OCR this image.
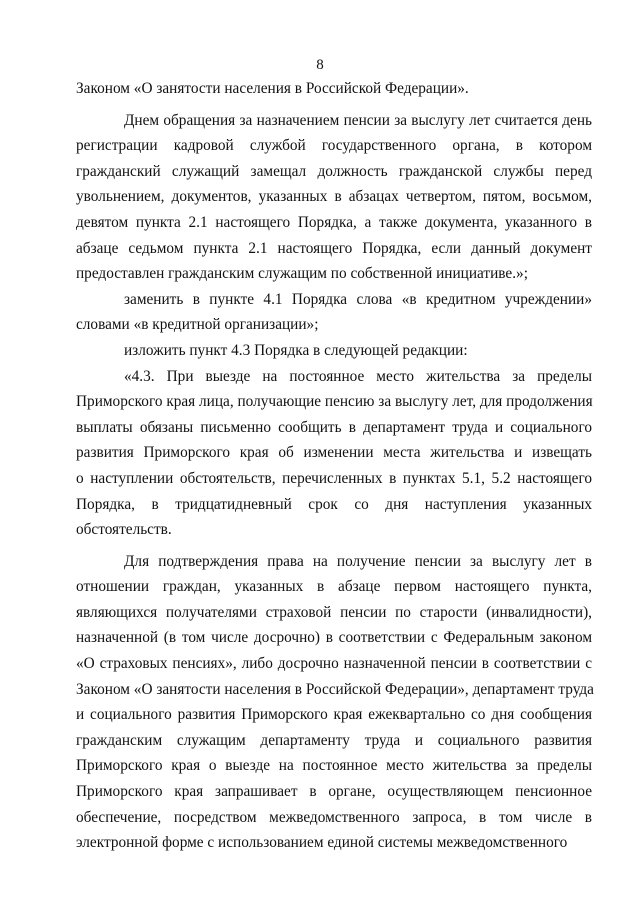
8
Законом «О занятости населения в Российской Федерации».
Днем обращения за назначением пенсии за выслугу лет считается день
регистрации кадровой службой государственного органа, в котором
гражданский служащий замещал должность гражданской службы перед
увольнением, документов, указанных в абзацах четвертом, пятом, восьмом,
девятом пункта 2.1 настоящего Порядка, а также документа, указанного в
абзаце седьмом пункта 2.1 настоящего Порядка, если данный документ
предоставлен гражданским служащим по собственной инициативе.»;
заменить в пункте 4.1 Порядка слова «в кредитном учреждении»
словами «в кредитной организации»;
изложить пункт 4.3 Порядка в следующей редакции:
«4.3. При выезде на постоянное место жительства за пределы
Приморского края лица, получающие пенсию за выслугу лет, для продолжения
выплаты обязаны письменно сообщить в департамент труда и социального
развития Приморского края об изменении места жительства и извещать
о наступлении обстоятельств, перечисленных в пунктах 5.1, 5.2 настоящего
Порядка, в тридцатидневный срок со дня наступления указанных
обстоятельств.
Для подтверждения права на получение пенсии за выслугу лет в
отношении граждан, указанных в абзаце первом настоящего пункта,
являющихся получателями страховой пенсии по старости (инвалидности),
назначенной (в том числе досрочно) в соответствии с Федеральным законом
«О страховых пенсиях», либо досрочно назначенной пенсии в соответствии с
Законом «О занятости населения в Российской Федерации», департамент труда
и социального развития Приморского края ежеквартально со дня сообщения
гражданским служащим департаменту труда и социального развития
Приморского края о выезде на постоянное место жительства за пределы
Приморского края запрашивает в органе, осуществляющем пенсионное
обеспечение, посредством межведомственного запроса, в том числе в
электронной форме с использованием единой системы межведомственного
